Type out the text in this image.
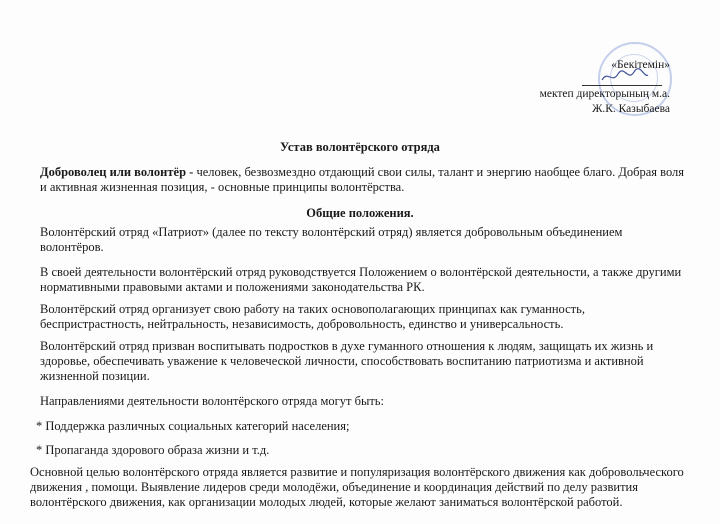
«Бекітемін»
мектеп директорының м.а.
Ж.К. Казыбаева
Устав волонтёрского отряда
Доброволец или волонтёр - человек, безвозмездно отдающий свои силы, талант и энергию наобщее благо. Добрая воля
и активная жизненная позиция, - основные принципы волонтёрства.
Общие положения.
Волонтёрский отряд «Патриот» (далее по тексту волонтёрский отряд) является добровольным объединением
волонтёров.
В своей деятельности волонтёрский отряд руководствуется Положением о волонтёрской деятельности, а также другими
нормативными правовыми актами и положениями законодательства РК.
Волонтёрский отряд организует свою работу на таких основополагающих принципах как гуманность,
беспристрастность, нейтральность, независимость, добровольность, единство и универсальность.
Волонтёрский отряд призван воспитывать подростков в духе гуманного отношения к людям, защищать их жизнь и
здоровье, обеспечивать уважение к человеческой личности, способствовать воспитанию патриотизма и активной
жизненной позиции.
Направлениями деятельности волонтёрского отряда могут быть:
* Поддержка различных социальных категорий населения;
* Пропаганда здорового образа жизни и т.д.
Основной целью волонтёрского отряда является развитие и популяризация волонтёрского движения как добровольческого
движения , помощи. Выявление лидеров среди молодёжи, объединение и координация действий по делу развития
волонтёрского движения, как организации молодых людей, которые желают заниматься волонтёрской работой.
